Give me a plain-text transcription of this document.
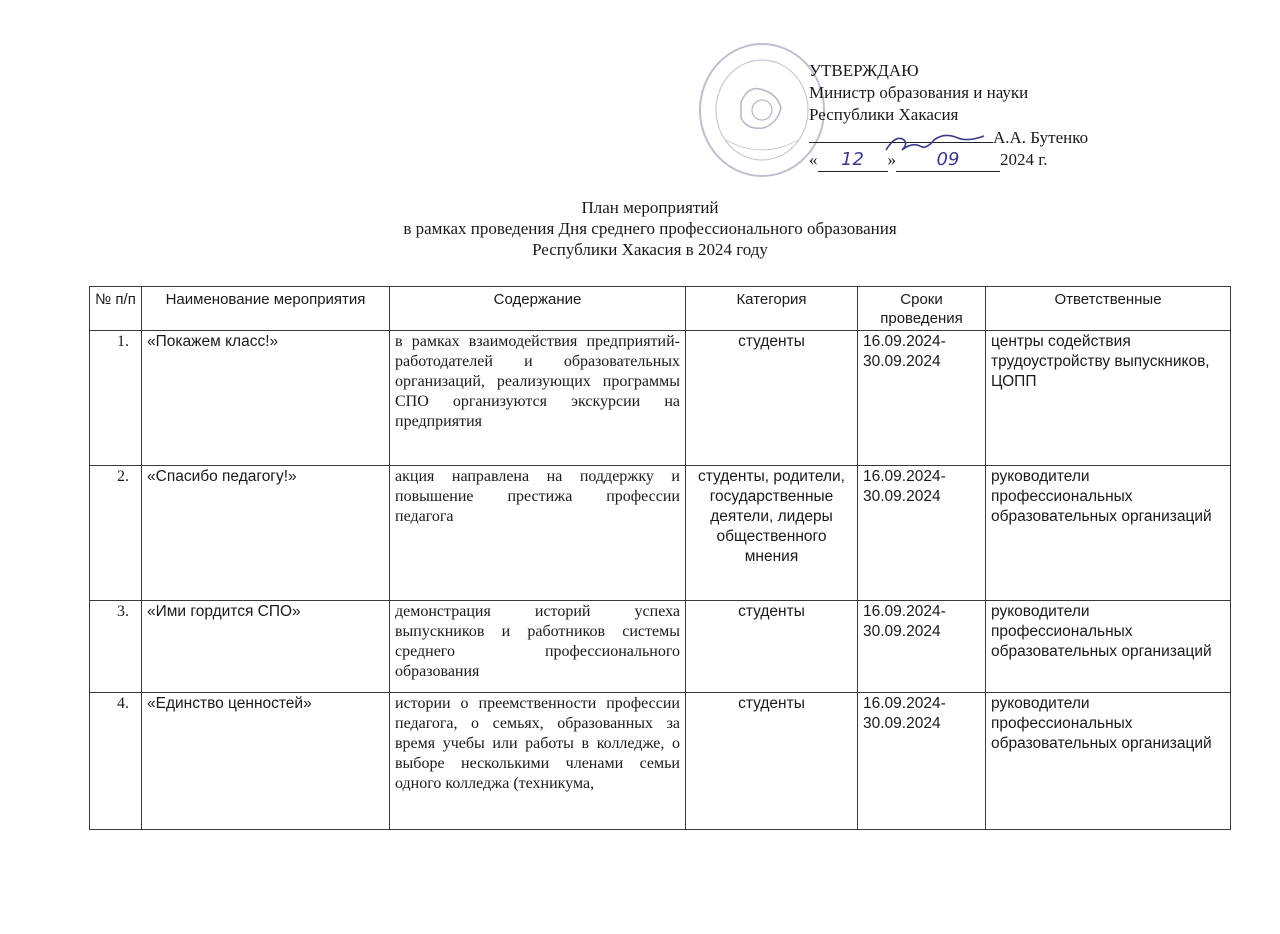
УТВЕРЖДАЮ
Министр образования и науки
Республики Хакасия
А.А. Бутенко
« 12 » 09 2024 г.
План мероприятий
в рамках проведения Дня среднего профессионального образования
Республики Хакасия в 2024 году
№ п/п	Наименование мероприятия	Содержание	Категория	Сроки проведения	Ответственные
1.	«Покажем класс!»	в рамках взаимодействия предприятий-работодателей и образовательных организаций, реализующих программы СПО организуются экскурсии на предприятия	студенты	16.09.2024-30.09.2024	центры содействия трудоустройству выпускников, ЦОПП
2.	«Спасибо педагогу!»	акция направлена на поддержку и повышение престижа профессии педагога	студенты, родители, государственные деятели, лидеры общественного мнения	16.09.2024-30.09.2024	руководители профессиональных образовательных организаций
3.	«Ими гордится СПО»	демонстрация историй успеха выпускников и работников системы среднего профессионального образования	студенты	16.09.2024-30.09.2024	руководители профессиональных образовательных организаций
4.	«Единство ценностей»	истории о преемственности профессии педагога, о семьях, образованных за время учебы или работы в колледже, о выборе несколькими членами семьи одного колледжа (техникума,	студенты	16.09.2024-30.09.2024	руководители профессиональных образовательных организаций
